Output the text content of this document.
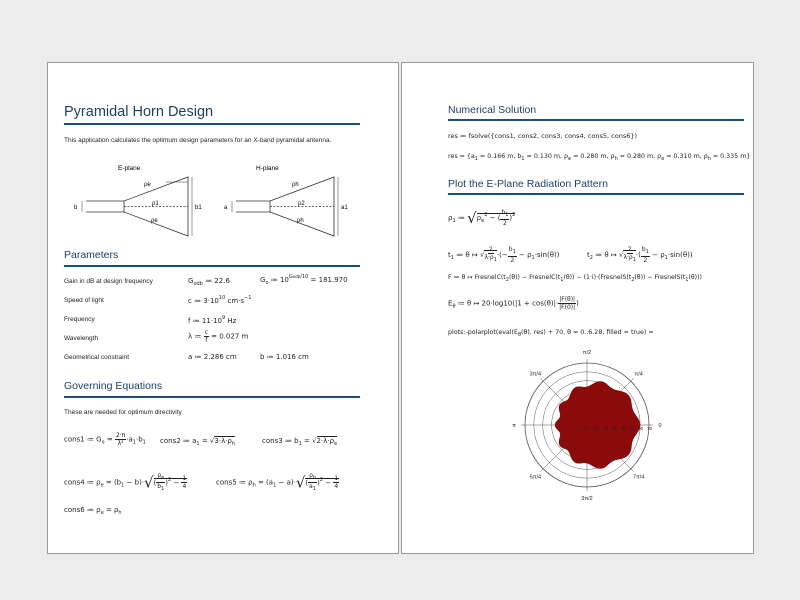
Pyramidal Horn Design
This application calculates the optimum design parameters for an X-band pyramidal antenna.
E-plane	H-plane
ρe
ρ1
ρe
b	b1
ρh
ρ2
ρh
a	a1
Parameters
Gain in dB at design frequency	$G_{odb}$ ≔ 22.6	$G_o$ ≔ $10^{Godb/10} = 181.970$
Speed of light	c ≔ $3\cdot 10^{10}$ $cm\cdot s^{-1}$
Frequency	f ≔ $11\cdot 10^9$ Hz
Wavelength	λ ≔ $\frac{c}{f} = 0.027$ m
Geometrical constraint	a ≔ 2.286 cm	b ≔ 1.016 cm
Governing Equations
These are needed for optimum directivity
cons1 ≔ $G_o = \frac{2\cdot\pi}{\text{λ²}} \cdot a_1\cdot b_1$ cons2 ≔ $a_1 = √3\cdot\lambda\cdot\rho_h$	cons3 ≔ $b_1 = √2\cdot\lambda\cdot\rho_e$
cons4 ≔ $\rho_e = (b_1 - b)\cdot√( \frac{\rho_e}{b_1} )^2 - \frac{1}{4}$	cons5 ≔ $\rho_h = (a_1 - a)\cdot√( \frac{\rho_h}{a_1} )^2 - \frac{1}{4}$
cons6 ≔ $\rho_e = \rho_h$
Numerical Solution
res ≔ fsolve({cons1, cons2, cons3, cons4, cons5, cons6})
res = {$a_1 = 0.166$ m, $b_1 = 0.130$ m, $\rho_e = 0.280$ m, $\rho_h = 0.280$ m, $\rho_e = 0.310$ m, $\rho_h = 0.335$ m}
Plot the E-Plane Radiation Pattern
$\rho_1$ ≔ $√\rho_e^2$ − ( $\frac{b_1}{2} )^2$
$t_1$ ≔ θ ↦ √ $\frac{2}{\lambda\cdot\rho_1}$ ·(− $\frac{b_1}{2} - \rho_1\cdot\sin(\theta)$)	$t_2$ ≔ θ ↦ √ $\frac{2}{\lambda\cdot\rho_1}$ ·( $\frac{b_1}{2} - \rho_1\cdot\sin(\theta)$)
F ≔ θ ↦ $FresnelC(t_2(\theta))$ − $FresnelC(t_1(\theta))$ − $(1\cdot i)\cdot(FresnelS(t_2(\theta))$ − $FresnelS(t_1(\theta))$)
$E_\theta$ ≔ θ ↦ $20\cdot\log 10(|1 + \cos(\theta)|\cdot \frac{|F(\theta)|}{|F(0)|}$ )
$plots:-polarplot(eval(E_\theta(\theta)$, res) + 70, θ = 0..6.28, filled = true) =
0
π/4
π/2
3π/4
π
5π/4
3π/2
7π/4
0 10 20 30 40 50 60 70
